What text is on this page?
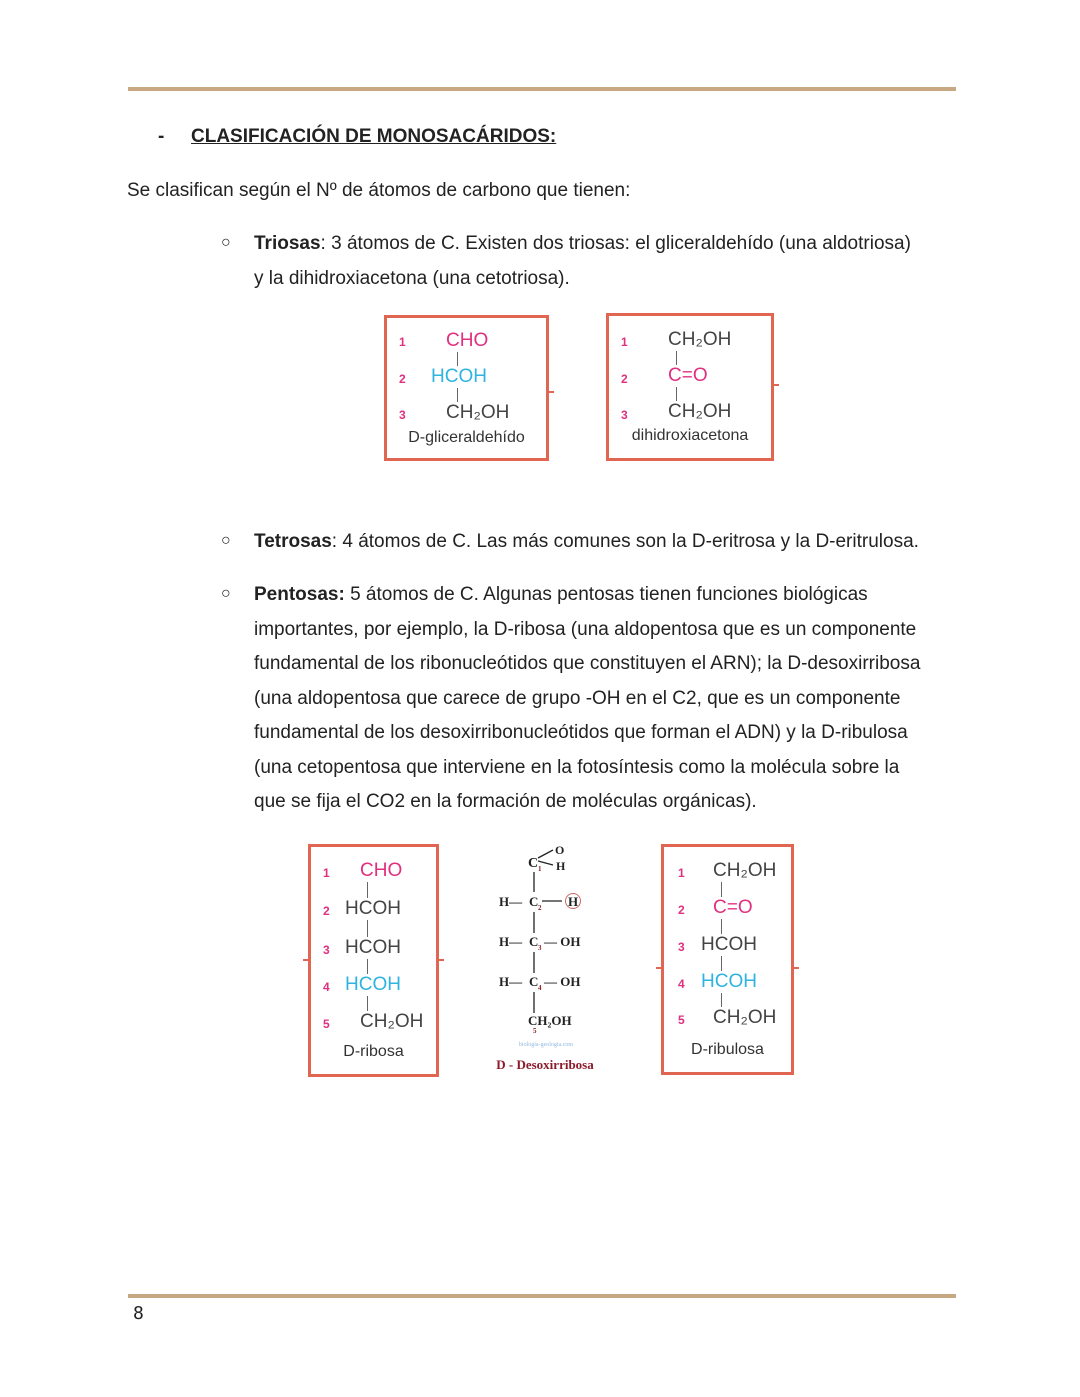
- CLASIFICACIÓN DE MONOSACÁRIDOS:
Se clasifican según el Nº de átomos de carbono que tienen:
○ Triosas: 3 átomos de C. Existen dos triosas: el gliceraldehído (una aldotriosa)
y la dihidroxiacetona (una cetotriosa).
1 CHO
2 HCOH
3 CH₂OH
D-gliceraldehído
1 CH₂OH
2 C=O
3 CH₂OH
dihidroxiacetona
○ Tetrosas: 4 átomos de C. Las más comunes son la D-eritrosa y la D-eritrulosa.
○ Pentosas: 5 átomos de C. Algunas pentosas tienen funciones biológicas
importantes, por ejemplo, la D-ribosa (una aldopentosa que es un componente
fundamental de los ribonucleótidos que constituyen el ARN); la D-desoxirribosa
(una aldopentosa que carece de grupo -OH en el C2, que es un componente
fundamental de los desoxirribonucleótidos que forman el ADN) y la D-ribulosa
(una cetopentosa que interviene en la fotosíntesis como la molécula sobre la
que se fija el CO2 en la formación de moléculas orgánicas).
1 CHO
2 HCOH
3 HCOH
4 HCOH
5 CH₂OH
D-ribosa
C
O
H
H— C H
H— C — OH
H— C — OH
CH₂OH
1
2
3
4
5
biologia-geologia.com
D - Desoxirribosa
1 CH₂OH
2 C=O
3 HCOH
4 HCOH
5 CH₂OH
D-ribulosa
8
